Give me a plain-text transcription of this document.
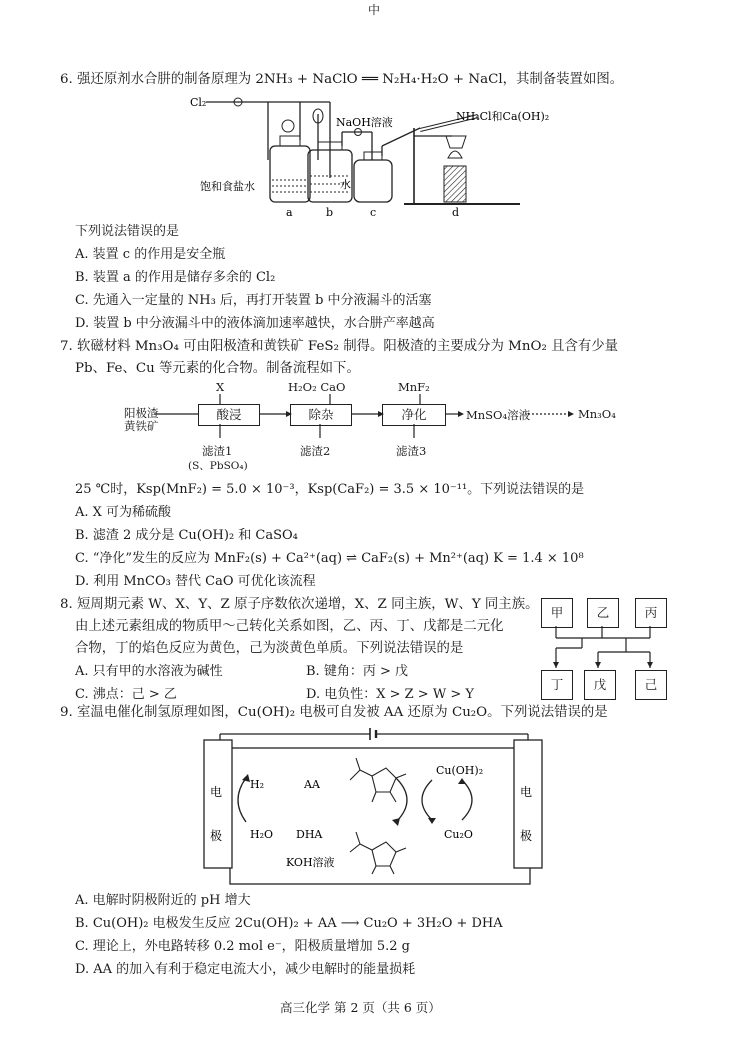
中
6. 强还原剂水合肼的制备原理为 2NH₃ + NaClO ══ N₂H₄·H₂O + NaCl，其制备装置如图。
Cl₂
NaOH溶液	NH₄Cl和Ca(OH)₂
饱和食盐水	水
a	b	c	d
下列说法错误的是
A. 装置 c 的作用是安全瓶
B. 装置 a 的作用是储存多余的 Cl₂
C. 先通入一定量的 NH₃ 后，再打开装置 b 中分液漏斗的活塞
D. 装置 b 中分液漏斗中的液体滴加速率越快，水合肼产率越高
7. 软磁材料 Mn₃O₄ 可由阳极渣和黄铁矿 FeS₂ 制得。阳极渣的主要成分为 MnO₂ 且含有少量
Pb、Fe、Cu 等元素的化合物。制备流程如下。
阳极渣
黄铁矿
X	H₂O₂ CaO	MnF₂
酸浸	除杂	净化	MnSO₄溶液	Mn₃O₄
滤渣1
(S、PbSO₄)
滤渣2	滤渣3
25 ℃时，Ksp(MnF₂) = 5.0 × 10⁻³，Ksp(CaF₂) = 3.5 × 10⁻¹¹。下列说法错误的是
A. X 可为稀硫酸
B. 滤渣 2 成分是 Cu(OH)₂ 和 CaSO₄
C. “净化”发生的反应为 MnF₂(s) + Ca²⁺(aq) ⇌ CaF₂(s) + Mn²⁺(aq) K = 1.4 × 10⁸
D. 利用 MnCO₃ 替代 CaO 可优化该流程
8. 短周期元素 W、X、Y、Z 原子序数依次递增，X、Z 同主族，W、Y 同主族。
由上述元素组成的物质甲～己转化关系如图，乙、丙、丁、戊都是二元化
合物，丁的焰色反应为黄色，己为淡黄色单质。下列说法错误的是
A. 只有甲的水溶液为碱性	B. 键角：丙 > 戊
C. 沸点：己 > 乙	D. 电负性：X > Z > W > Y
甲	乙	丙
丁	戊	己
9. 室温电催化制氢原理如图，Cu(OH)₂ 电极可自发被 AA 还原为 Cu₂O。下列说法错误的是
电
极
电
极
H₂
H₂O
AA
DHA
Cu(OH)₂
Cu₂O
KOH溶液
A. 电解时阴极附近的 pH 增大
B. Cu(OH)₂ 电极发生反应 2Cu(OH)₂ + AA ⟶ Cu₂O + 3H₂O + DHA
C. 理论上，外电路转移 0.2 mol e⁻，阳极质量增加 5.2 g
D. AA 的加入有利于稳定电流大小，减少电解时的能量损耗
高三化学 第 2 页（共 6 页）
